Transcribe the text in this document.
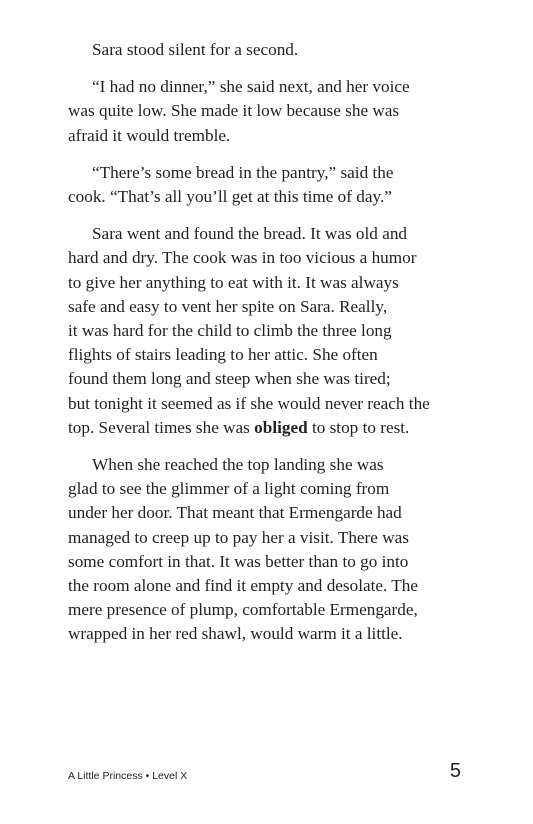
Sara stood silent for a second.

“I had no dinner,” she said next, and her voice
was quite low. She made it low because she was
afraid it would tremble.

“There’s some bread in the pantry,” said the
cook. “That’s all you’ll get at this time of day.”

Sara went and found the bread. It was old and
hard and dry. The cook was in too vicious a humor
to give her anything to eat with it. It was always
safe and easy to vent her spite on Sara. Really,
it was hard for the child to climb the three long
flights of stairs leading to her attic. She often
found them long and steep when she was tired;
but tonight it seemed as if she would never reach the
top. Several times she was obliged to stop to rest.

When she reached the top landing she was
glad to see the glimmer of a light coming from
under her door. That meant that Ermengarde had
managed to creep up to pay her a visit. There was
some comfort in that. It was better than to go into
the room alone and find it empty and desolate. The
mere presence of plump, comfortable Ermengarde,
wrapped in her red shawl, would warm it a little.

A Little Princess • Level X	5
